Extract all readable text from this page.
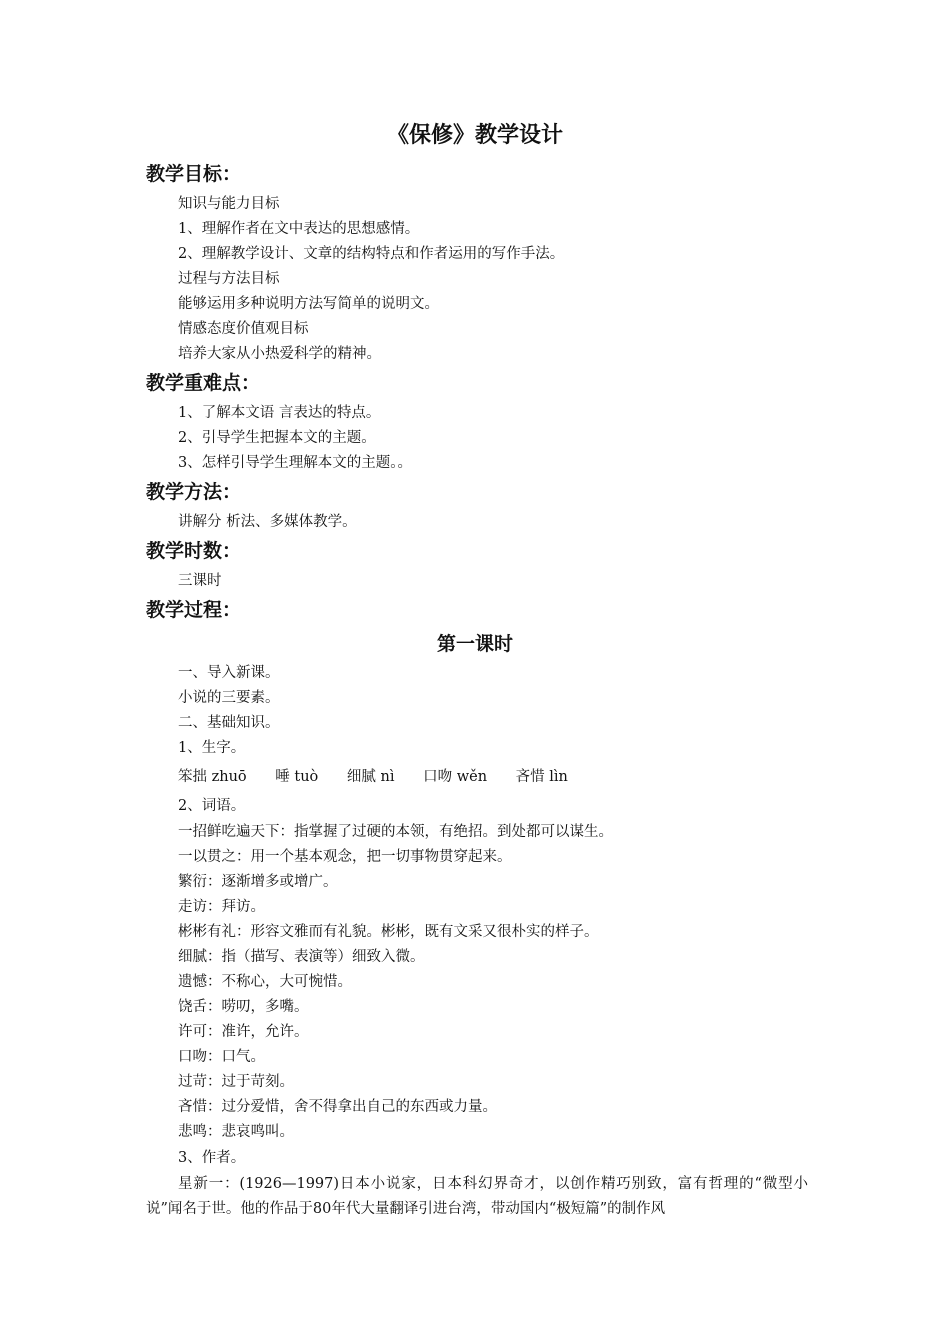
《保修》教学设计
教学目标：
知识与能力目标
1、理解作者在文中表达的思想感情。
2、理解教学设计、文章的结构特点和作者运用的写作手法。
过程与方法目标
能够运用多种说明方法写简单的说明文。
情感态度价值观目标
培养大家从小热爱科学的精神。
教学重难点：
1、了解本文语 言表达的特点。
2、引导学生把握本文的主题。
3、怎样引导学生理解本文的主题。。
教学方法：
讲解分 析法、多媒体教学。
教学时数：
三课时
教学过程：
第一课时
一、导入新课。
小说的三要素。
二、基础知识。
1、生字。
笨拙 zhuō 唾 tuò 细腻 nì 口吻 wěn 吝惜 lìn
2、词语。
一招鲜吃遍天下：指掌握了过硬的本领，有绝招。到处都可以谋生。
一以贯之：用一个基本观念，把一切事物贯穿起来。
繁衍：逐渐增多或增广。
走访：拜访。
彬彬有礼：形容文雅而有礼貌。彬彬，既有文采又很朴实的样子。
细腻：指（描写、表演等）细致入微。
遗憾：不称心，大可惋惜。
饶舌：唠叨，多嘴。
许可：准许，允许。
口吻：口气。
过苛：过于苛刻。
吝惜：过分爱惜，舍不得拿出自己的东西或力量。
悲鸣：悲哀鸣叫。
3、作者。
星新一：(1926—1997)日本小说家，日本科幻界奇才，以创作精巧别致，富有哲理的“微型小说”闻名于世。他的作品于80年代大量翻译引进台湾，带动国内“极短篇”的制作风
